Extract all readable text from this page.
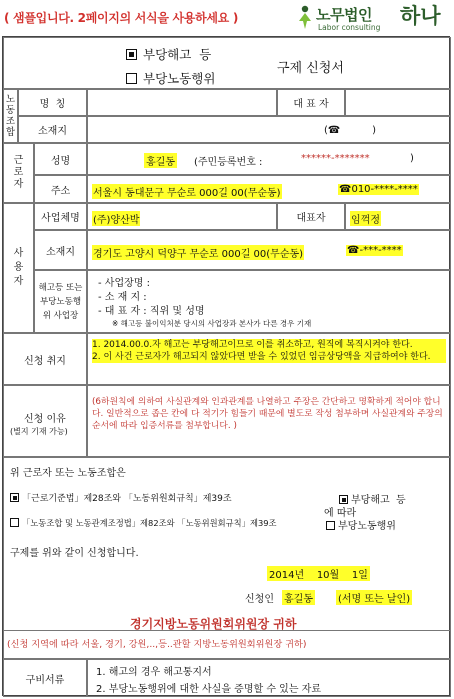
( 샘플입니다. 2페이지의 서식을 사용하세요 )	노무법인 하나
Labor consulting
부당해고  등
부당노동행위
구제 신청서
노동조합
명  칭	대 표 자
소재지	(☎          )
근로자
성명	홍길동 (주민등록번호 :	******-*******	)
주소 서울시 동대문구 무순로 000길 00(무순동)	☎010-****-****
사용자
사업체명 (주)양산박	대표자	임꺽정
소재지 경기도 고양시 덕양구 무순로 000길 00(무순동)	☎-***-****
해고등 또는 부당노동행위 사업장
- 사업장명 :
- 소 재 지 :
- 대 표 자 : 직위 및 성명
※ 해고등 불이익처분 당시의 사업장과 본사가 다른 경우 기재
신청 취지
1. 2014.00.0.자 해고는 부당해고이므로 이를 취소하고, 원직에 복직시켜야 한다.
2. 이 사건 근로자가 해고되지 않았다면 받을 수 있었던 임금상당액을 지급하여야 한다.
신청 이유
(별지 기재 가능)
(6하원칙에 의하여 사실관계와 인과관계를 나열하고 주장은 간단하고 명확하게 적어야 합니다. 일반적으로 좁은 칸에 다 적기가 힘들기 때문에 별도로 작성 첨부하며 사실관계와 주장의 순서에 따라 입증서류를 첨부합니다. )
위 근로자 또는 노동조합은
「근로기준법」제28조와 「노동위원회규칙」제39조	부당해고  등
에 따라
「노동조합 및 노동관계조정법」제82조와 「노동위원회규칙」제39조	부당노동행위
구제를 위와 같이 신청합니다.
2014년    10월    1일
신청인 홍길동	(서명 또는 날인)
경기지방노동위원회위원장 귀하
(신청 지역에 따라 서울, 경기, 강원,..,등..관할 지방노동위원회위원장 귀하)
구비서류
1. 해고의 경우 해고통지서
2. 부당노동행위에 대한 사실을 증명할 수 있는 자료
